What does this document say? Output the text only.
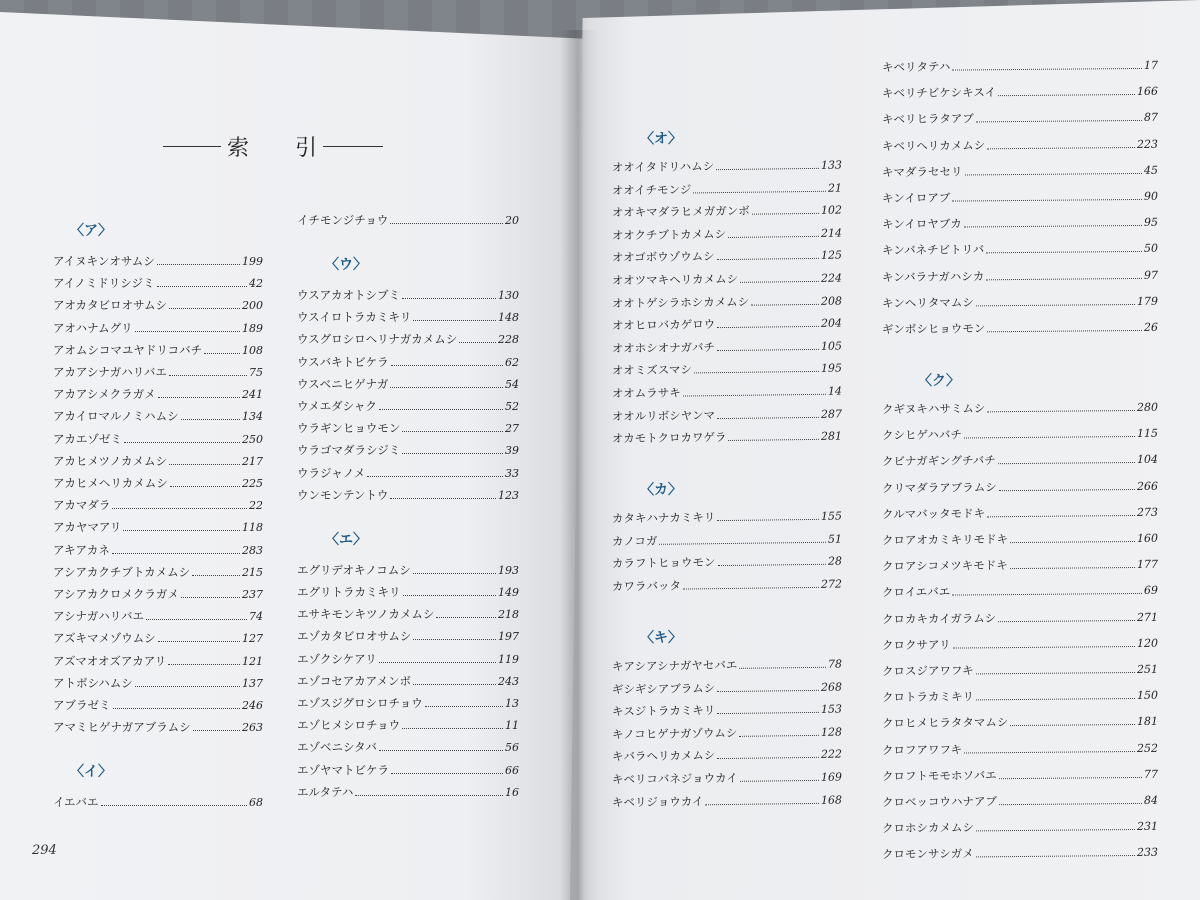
索 引
294
〈ア〉
アイヌキンオサムシ	199
アイノミドリシジミ	42
アオカタビロオサムシ	200
アオハナムグリ	189
アオムシコマユヤドリコバチ	108
アカアシナガハリバエ	75
アカアシメクラガメ	241
アカイロマルノミハムシ	134
アカエゾゼミ	250
アカヒメツノカメムシ	217
アカヒメヘリカメムシ	225
アカマダラ	22
アカヤマアリ	118
アキアカネ	283
アシアカクチブトカメムシ	215
アシアカクロメクラガメ	237
アシナガハリバエ	74
アズキマメゾウムシ	127
アズマオオズアカアリ	121
アトボシハムシ	137
アブラゼミ	246
アマミヒゲナガアブラムシ	263
〈イ〉
イエバエ	68
イチモンジチョウ	20
〈ウ〉
ウスアカオトシブミ	130
ウスイロトラカミキリ	148
ウスグロシロヘリナガカメムシ	228
ウスバキトビケラ	62
ウスベニヒゲナガ	54
ウメエダシャク	52
ウラギンヒョウモン	27
ウラゴマダラシジミ	39
ウラジャノメ	33
ウンモンテントウ	123
〈エ〉
エグリデオキノコムシ	193
エグリトラカミキリ	149
エサキモンキツノカメムシ	218
エゾカタビロオサムシ	197
エゾクシケアリ	119
エゾコセアカアメンボ	243
エゾスジグロシロチョウ	13
エゾヒメシロチョウ	11
エゾベニシタバ	56
エゾヤマトビケラ	66
エルタテハ	16
〈オ〉
オオイタドリハムシ	133
オオイチモンジ	21
オオキマダラヒメガガンボ	102
オオクチブトカメムシ	214
オオゴボウゾウムシ	125
オオツマキヘリカメムシ	224
オオトゲシラホシカメムシ	208
オオヒロバカゲロウ	204
オオホシオナガバチ	105
オオミズスマシ	195
オオムラサキ	14
オオルリボシヤンマ	287
オカモトクロカワゲラ	281
〈カ〉
カタキハナカミキリ	155
カノコガ	51
カラフトヒョウモン	28
カワラバッタ	272
〈キ〉
キアシアシナガヤセバエ	78
ギシギシアブラムシ	268
キスジトラカミキリ	153
キノコヒゲナガゾウムシ	128
キバラヘリカメムシ	222
キベリコバネジョウカイ	169
キベリジョウカイ	168
キベリタテハ	17
キベリチビケシキスイ	166
キベリヒラタアブ	87
キベリヘリカメムシ	223
キマダラセセリ	45
キンイロアブ	90
キンイロヤブカ	95
キンバネチビトリバ	50
キンバラナガハシカ	97
キンヘリタマムシ	179
ギンボシヒョウモン	26
〈ク〉
クギヌキハサミムシ	280
クシヒゲハバチ	115
クビナガギングチバチ	104
クリマダラアブラムシ	266
クルマバッタモドキ	273
クロアオカミキリモドキ	160
クロアシコメツキモドキ	177
クロイエバエ	69
クロカキカイガラムシ	271
クロクサアリ	120
クロスジアワフキ	251
クロトラカミキリ	150
クロヒメヒラタタマムシ	181
クロフアワフキ	252
クロフトモモホソバエ	77
クロベッコウハナアブ	84
クロホシカメムシ	231
クロモンサシガメ	233
